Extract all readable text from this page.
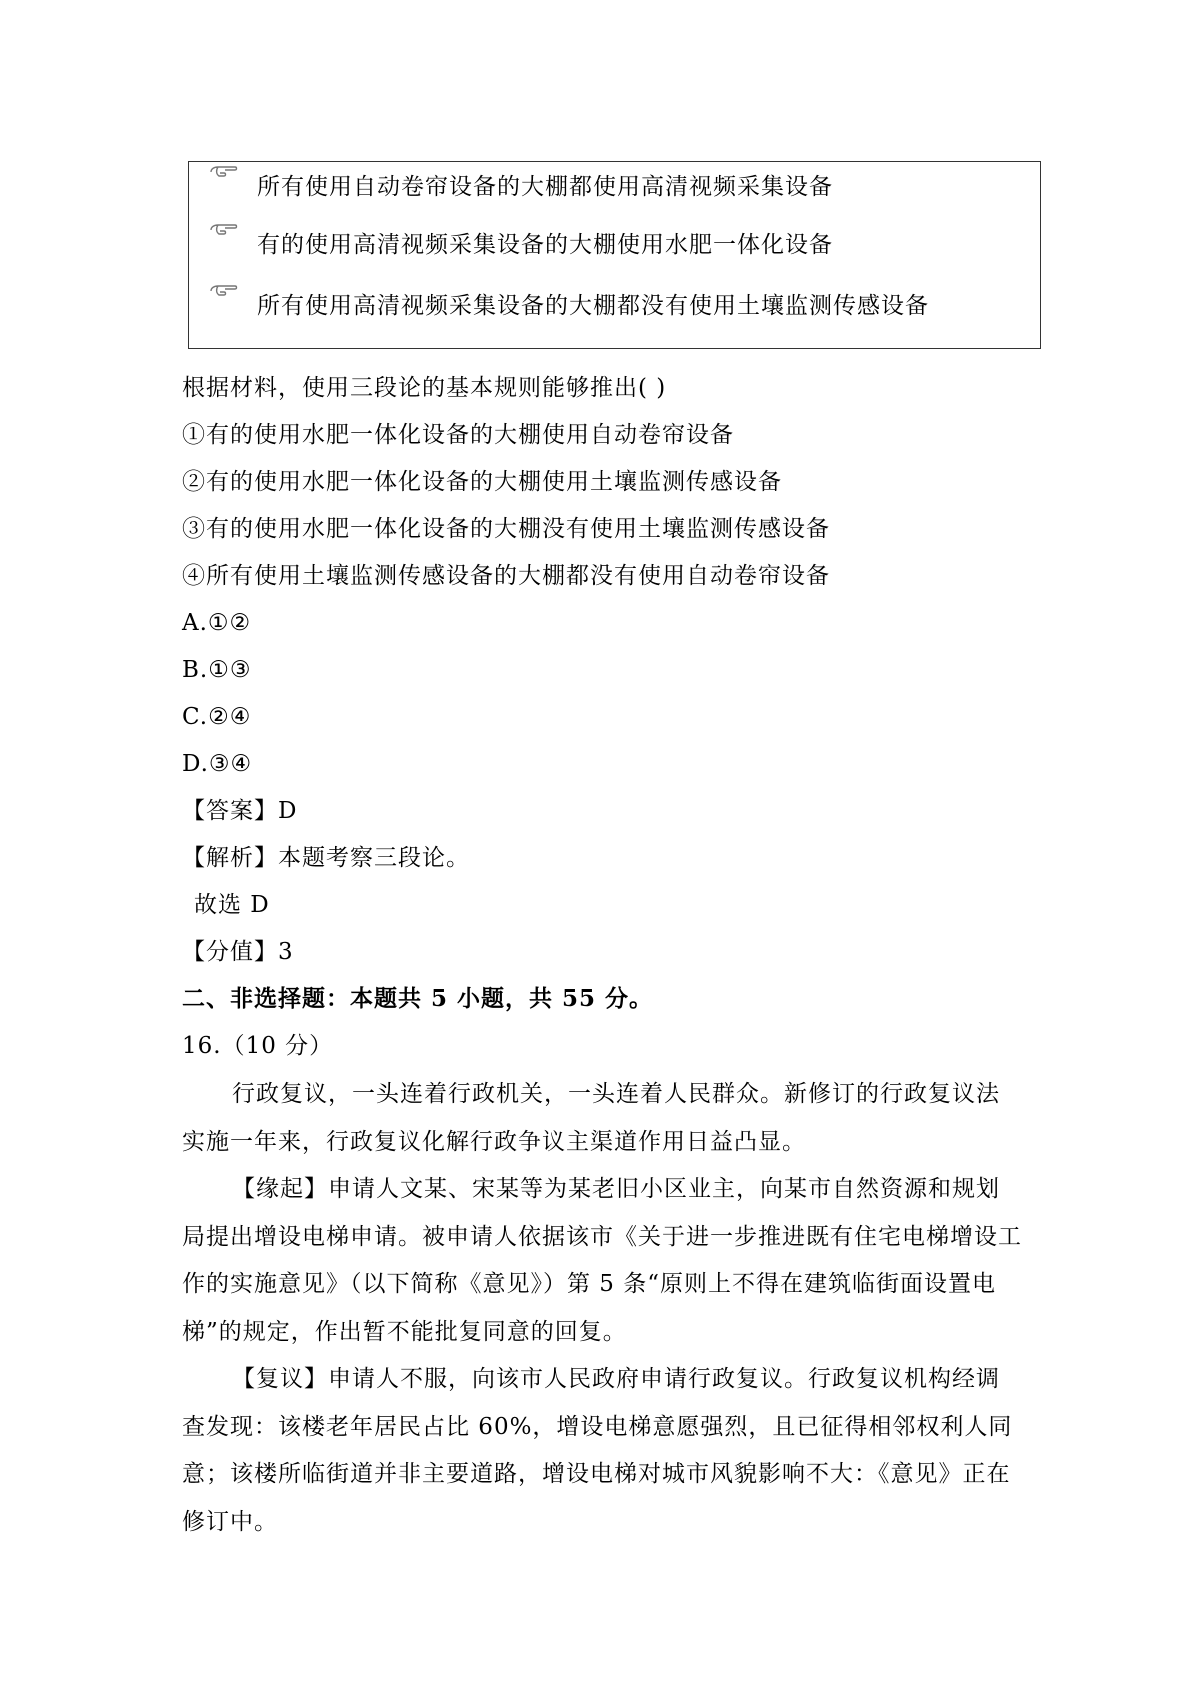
所有使用自动卷帘设备的大棚都使用高清视频采集设备
有的使用高清视频采集设备的大棚使用水肥一体化设备
所有使用高清视频采集设备的大棚都没有使用土壤监测传感设备
根据材料，使用三段论的基本规则能够推出( )
①有的使用水肥一体化设备的大棚使用自动卷帘设备
②有的使用水肥一体化设备的大棚使用土壤监测传感设备
③有的使用水肥一体化设备的大棚没有使用土壤监测传感设备
④所有使用土壤监测传感设备的大棚都没有使用自动卷帘设备
A.①②
B.①③
C.②④
D.③④
【答案】D
【解析】本题考察三段论。
故选 D
【分值】3
二、非选择题：本题共 5 小题，共 55 分。
16.（10 分）

行政复议，一头连着行政机关，一头连着人民群众。新修订的行政复议法实施一年来，行政复议化解行政争议主渠道作用日益凸显。

【缘起】申请人文某、宋某等为某老旧小区业主，向某市自然资源和规划局提出增设电梯申请。被申请人依据该市《关于进一步推进既有住宅电梯增设工作的实施意见》（以下简称《意见》）第 5 条“原则上不得在建筑临街面设置电梯”的规定，作出暂不能批复同意的回复。

【复议】申请人不服，向该市人民政府申请行政复议。行政复议机构经调查发现：该楼老年居民占比 60%，增设电梯意愿强烈，且已征得相邻权利人同意；该楼所临街道并非主要道路，增设电梯对城市风貌影响不大：《意见》正在修订中。
